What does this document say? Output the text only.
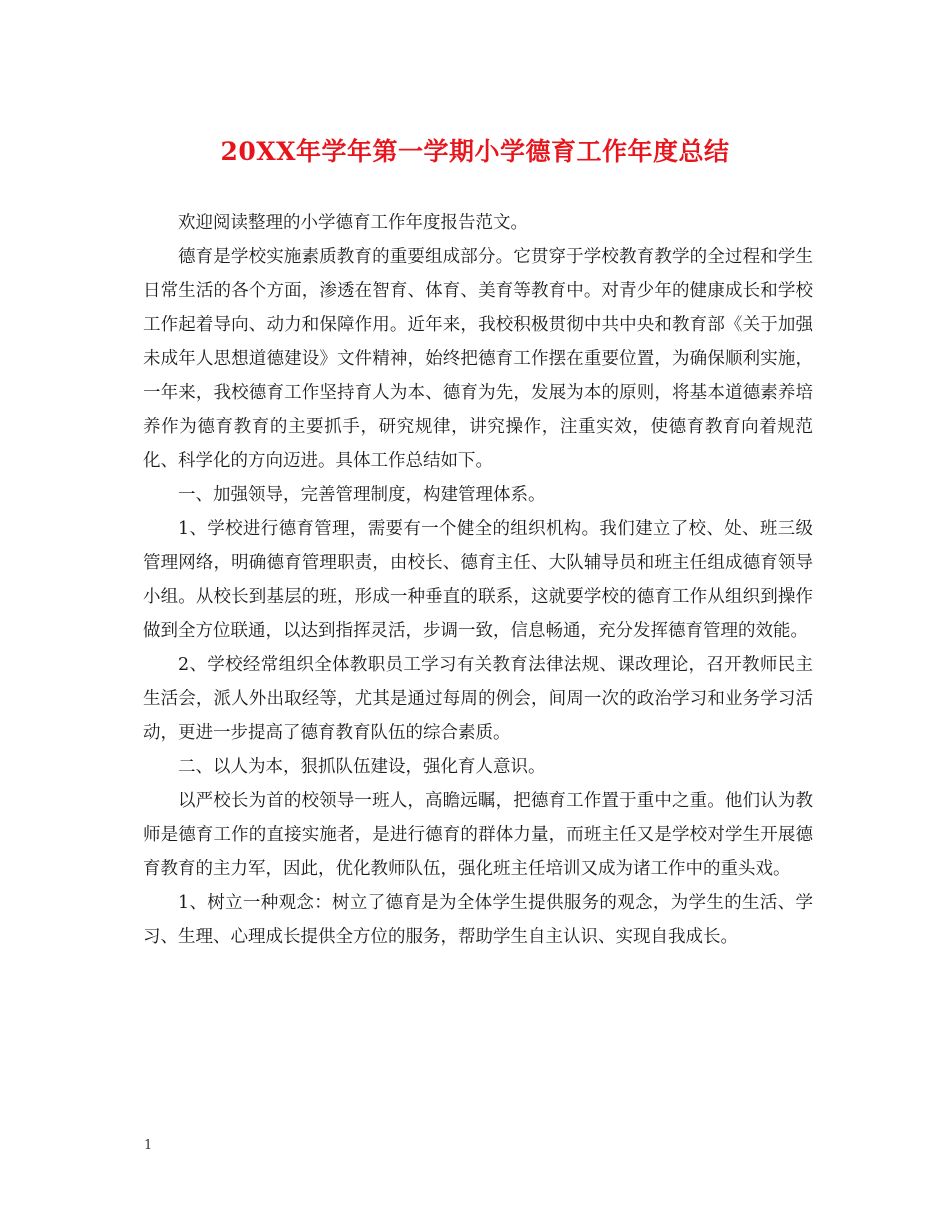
20XX年学年第一学期小学德育工作年度总结

欢迎阅读整理的小学德育工作年度报告范文。

德育是学校实施素质教育的重要组成部分。它贯穿于学校教育教学的全过程和学生日常生活的各个方面，渗透在智育、体育、美育等教育中。对青少年的健康成长和学校工作起着导向、动力和保障作用。近年来，我校积极贯彻中共中央和教育部《关于加强未成年人思想道德建设》文件精神，始终把德育工作摆在重要位置，为确保顺利实施，一年来，我校德育工作坚持育人为本、德育为先，发展为本的原则，将基本道德素养培养作为德育教育的主要抓手，研究规律，讲究操作，注重实效，使德育教育向着规范化、科学化的方向迈进。具体工作总结如下。

一、加强领导，完善管理制度，构建管理体系。

1、学校进行德育管理，需要有一个健全的组织机构。我们建立了校、处、班三级管理网络，明确德育管理职责，由校长、德育主任、大队辅导员和班主任组成德育领导小组。从校长到基层的班，形成一种垂直的联系，这就要学校的德育工作从组织到操作做到全方位联通，以达到指挥灵活，步调一致，信息畅通，充分发挥德育管理的效能。

2、学校经常组织全体教职员工学习有关教育法律法规、课改理论，召开教师民主生活会，派人外出取经等，尤其是通过每周的例会，间周一次的政治学习和业务学习活动，更进一步提高了德育教育队伍的综合素质。

二、以人为本，狠抓队伍建设，强化育人意识。

以严校长为首的校领导一班人，高瞻远瞩，把德育工作置于重中之重。他们认为教师是德育工作的直接实施者，是进行德育的群体力量，而班主任又是学校对学生开展德育教育的主力军，因此，优化教师队伍，强化班主任培训又成为诸工作中的重头戏。

1、树立一种观念：树立了德育是为全体学生提供服务的观念，为学生的生活、学习、生理、心理成长提供全方位的服务，帮助学生自主认识、实现自我成长。

1
